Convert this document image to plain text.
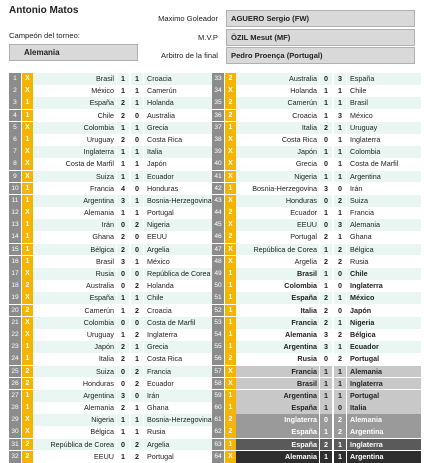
Antonio Matos
Campeón del torneo:
Alemania
Maximo Goleador	AGUERO Sergio (FW)
M.V.P	ÖZIL Mesut (MF)
Arbitro de la final	Pedro Proença (Portugal)
1	X	Brasil 1	1	Croacia
2	X	México 1	1	Camerún
3	1	España 2	1	Holanda
4	1	Chile 2	0	Australia
5	X	Colombia 1	1	Grecia
6	1	Uruguay 2	0	Costa Rica
7	X	Inglaterra 1	1	Italia
8	X	Costa de Marfil 1	1	Japón
9	X	Suiza 1	1	Ecuador
10 1	Francia 4	0	Honduras
11	1	Argentina 3	1	Bosnia-Herzegovina
12 X	Alemania 1	1	Portugal
13 1	Irán 0	2	Nigeria
14 1	Ghana 2	0	EEUU
15 1	Bélgica 2	0	Argelia
16 1	Brasil 3	1	México
17 X	Rusia 0	0	República de Corea
18 2	Australia 0	2	Holanda
19 X	España 1	1	Chile
20 2	Camerún 1	2	Croacia
21 X	Colombia 0	0	Costa de Marfil
22 X	Uruguay 1	2	Inglaterra
23 1	Japón 2	1	Grecia
24 1	Italia 2	1	Costa Rica
25 2	Suiza 0	2	Francia
26 2	Honduras 0	2	Ecuador
27 1	Argentina 3	0	Irán
28 1	Alemania 2	1	Ghana
29 X	Nigeria 1	1	Bosnia-Herzegovina
30 X	Bélgica 1	1	Rusia
31 2	República de Corea 0	2	Argelia
32 2	EEUU 1	2	Portugal
33 2	Australia 0	3	España
34 X	Holanda 1	1	Chile
35 2	Camerún 1	1	Brasil
36 2	Croacia 1	3	México
37 1	Italia 2	1	Uruguay
38 X	Costa Rica 0	1	Inglaterra
39 X	Japón 1	1	Colombia
40 X	Grecia 0	1	Costa de Marfil
41 X	Nigeria 1	1	Argentina
42 1	Bosnia-Herzegovina 3	0	Irán
43 X	Honduras 0	2	Suiza
44 2	Ecuador 1	1	Francia
45 X	EEUU 0	3	Alemania
46 2	Portugal 2	1	Ghana
47 X	República de Corea 1	2	Bélgica
48 X	Argelia 2	2	Rusia
49 1	Brasil 1	0	Chile
50 1	Colombia 1	0	Inglaterra
51 1	España 2	1	México
52 1	Italia 2	0	Japón
53 1	Francia 2	1	Nigeria
54 1	Alemania 3	2	Bélgica
55 1	Argentina 3	1	Ecuador
56 2	Rusia 0	2	Portugal
57 X	Francia 1	1	Alemania
58 X	Brasil 1	1	Inglaterra
59 1	Argentina 1	1	Portugal
60 1	España 1	0	Italia
61 2	Inglaterra 0	2	Alemania
62 2	España 1	2	Argentina
63 1	España 2	1	Inglaterra
64 X	Alemania 1	1	Argentina
